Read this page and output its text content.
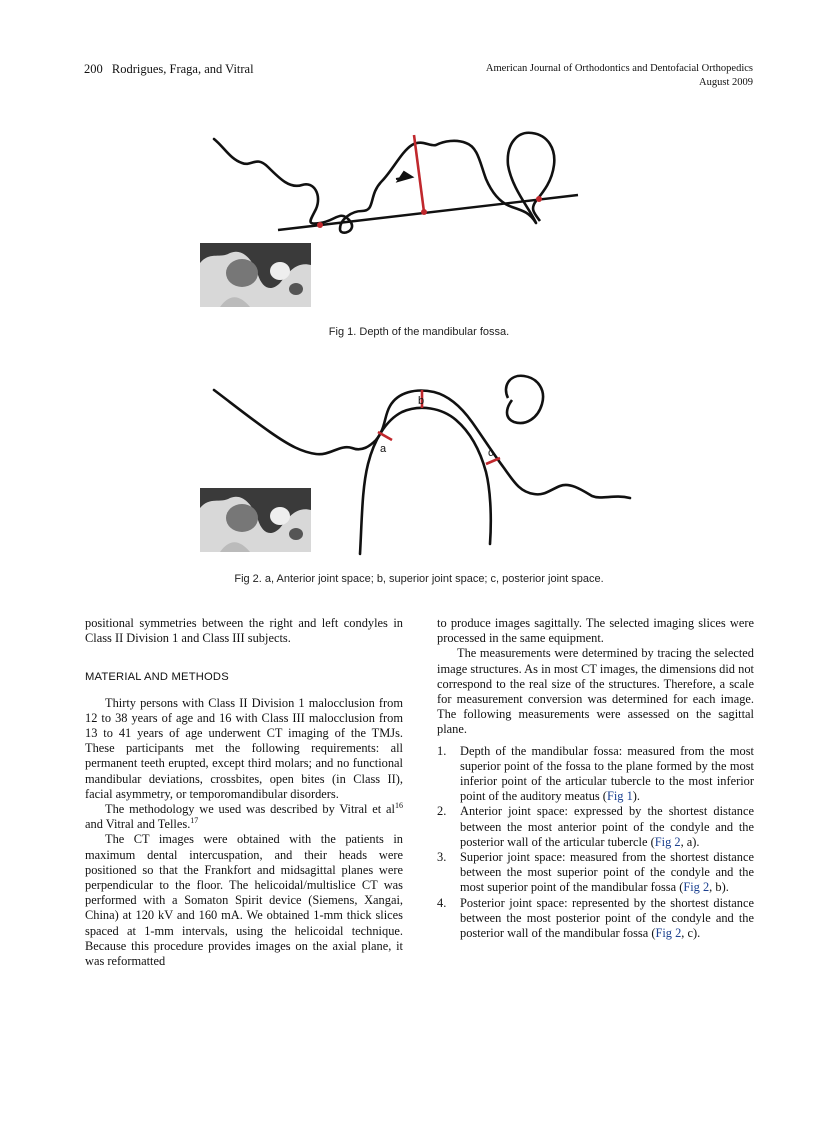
200 Rodrigues, Fraga, and Vitral	American Journal of Orthodontics and Dentofacial Orthopedics
August 2009
Fig 1. Depth of the mandibular fossa.
a
b
c
Fig 2. a, Anterior joint space; b, superior joint space; c, posterior joint space.

positional symmetries between the right and left condyles in Class II Division 1 and Class III subjects.

MATERIAL AND METHODS

Thirty persons with Class II Division 1 malocclusion from 12 to 38 years of age and 16 with Class III malocclusion from 13 to 41 years of age underwent CT imaging of the TMJs. These participants met the following requirements: all permanent teeth erupted, except third molars; and no functional mandibular deviations, crossbites, open bites (in Class II), facial asymmetry, or temporomandibular disorders.

The methodology we used was described by Vitral et $al^{16}$ and Vitral and Telles.$^{17}$

The CT images were obtained with the patients in maximum dental intercuspation, and their heads were positioned so that the Frankfort and midsagittal planes were perpendicular to the floor. The helicoidal/multislice CT was performed with a Somaton Spirit device (Siemens, Xangai, China) at 120 kV and 160 mA. We obtained 1-mm thick slices spaced at 1-mm intervals, using the helicoidal technique. Because this procedure provides images on the axial plane, it was reformatted

to produce images sagittally. The selected imaging slices were processed in the same equipment.

The measurements were determined by tracing the selected image structures. As in most CT images, the dimensions did not correspond to the real size of the structures. Therefore, a scale for measurement conversion was determined for each image. The following measurements were assessed on the sagittal plane.

1. Depth of the mandibular fossa: measured from the most superior point of the fossa to the plane formed by the most inferior point of the articular tubercle to the most inferior point of the auditory meatus (Fig 1).
2. Anterior joint space: expressed by the shortest distance between the most anterior point of the condyle and the posterior wall of the articular tubercle (Fig 2, a).
3. Superior joint space: measured from the shortest distance between the most superior point of the condyle and the most superior point of the mandibular fossa (Fig 2, b).
4. Posterior joint space: represented by the shortest distance between the most posterior point of the condyle and the posterior wall of the mandibular fossa (Fig 2, c).
